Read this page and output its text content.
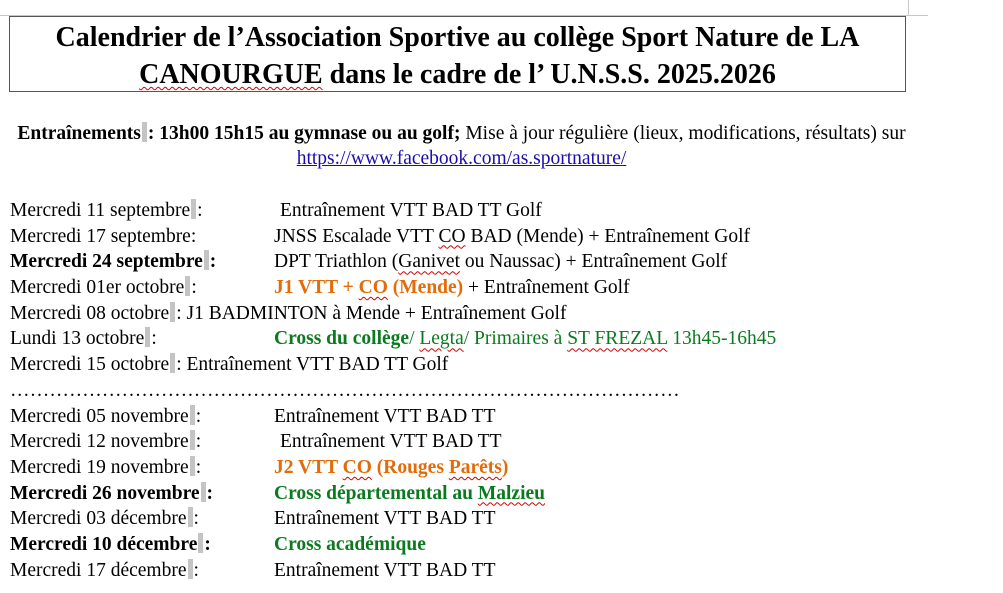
Calendrier de l’Association Sportive au collège Sport Nature de LA
CANOURGUE dans le cadre de l’ U.N.S.S. 2025.2026
Entraînements : 13h00 15h15 au gymnase ou au golf; Mise à jour régulière (lieux, modifications, résultats) sur https://www.facebook.com/as.sportnature/
Mercredi 11 septembre :	Entraînement VTT BAD TT Golf
Mercredi 17 septembre:	JNSS Escalade VTT CO BAD (Mende) + Entraînement Golf
Mercredi 24 septembre :	DPT Triathlon (Ganivet ou Naussac) + Entraînement Golf
Mercredi 01er octobre :	J1 VTT + CO (Mende) + Entraînement Golf
Mercredi 08 octobre : J1 BADMINTON à Mende + Entraînement Golf
Lundi 13 octobre :	Cross du collège/ Legta/ Primaires à ST FREZAL 13h45-16h45
Mercredi 15 octobre : Entraînement VTT BAD TT Golf
…………………………………………………………………………………………
Mercredi 05 novembre :	Entraînement VTT BAD TT
Mercredi 12 novembre :	Entraînement VTT BAD TT
Mercredi 19 novembre :	J2 VTT CO (Rouges Parêts)
Mercredi 26 novembre :	Cross départemental au Malzieu
Mercredi 03 décembre :	Entraînement VTT BAD TT
Mercredi 10 décembre :	Cross académique
Mercredi 17 décembre :	Entraînement VTT BAD TT
